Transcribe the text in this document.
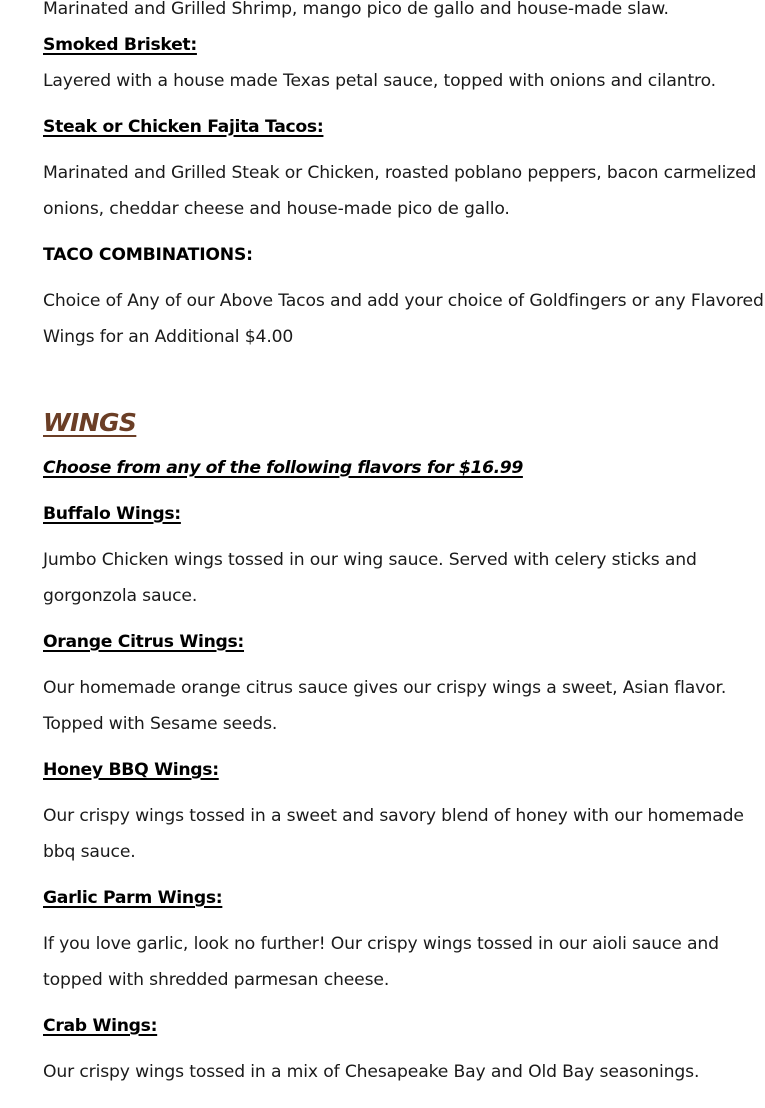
Marinated and Grilled Shrimp, mango pico de gallo and house-made slaw.
Smoked Brisket:
Layered with a house made Texas petal sauce, topped with onions and cilantro.
Steak or Chicken Fajita Tacos:
Marinated and Grilled Steak or Chicken, roasted poblano peppers, bacon carmelized
onions, cheddar cheese and house-made pico de gallo.
TACO COMBINATIONS:
Choice of Any of our Above Tacos and add your choice of Goldfingers or any Flavored
Wings for an Additional $4.00
WINGS
Choose from any of the following flavors for $16.99
Buffalo Wings:
Jumbo Chicken wings tossed in our wing sauce. Served with celery sticks and
gorgonzola sauce.
Orange Citrus Wings:
Our homemade orange citrus sauce gives our crispy wings a sweet, Asian flavor.
Topped with Sesame seeds.
Honey BBQ Wings:
Our crispy wings tossed in a sweet and savory blend of honey with our homemade
bbq sauce.
Garlic Parm Wings:
If you love garlic, look no further! Our crispy wings tossed in our aioli sauce and
topped with shredded parmesan cheese.
Crab Wings:
Our crispy wings tossed in a mix of Chesapeake Bay and Old Bay seasonings.
